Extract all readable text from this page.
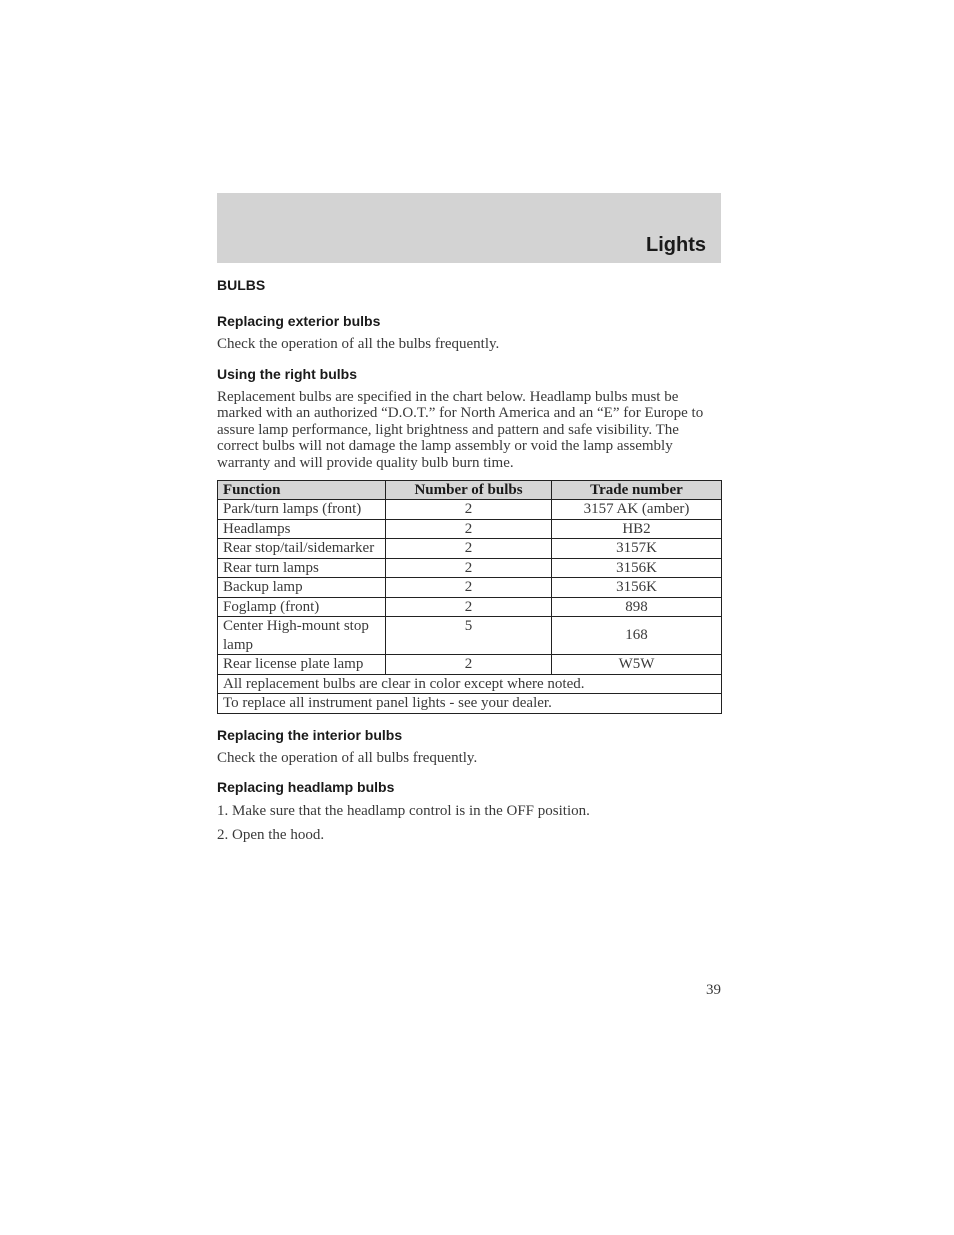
Lights
BULBS
Replacing exterior bulbs
Check the operation of all the bulbs frequently.
Using the right bulbs
Replacement bulbs are specified in the chart below. Headlamp bulbs must be marked with an authorized “D.O.T.” for North America and an “E” for Europe to assure lamp performance, light brightness and pattern and safe visibility. The correct bulbs will not damage the lamp assembly or void the lamp assembly warranty and will provide quality bulb burn time.
Function	Number of bulbs	Trade number
Park/turn lamps (front)	2	3157 AK (amber)
Headlamps	2	HB2
Rear stop/tail/sidemarker	2	3157K
Rear turn lamps	2	3156K
Backup lamp	2	3156K
Foglamp (front)	2	898
Center High-mount stop lamp	5	168
Rear license plate lamp	2	W5W
All replacement bulbs are clear in color except where noted.		
To replace all instrument panel lights - see your dealer.		
Replacing the interior bulbs
Check the operation of all bulbs frequently.
Replacing headlamp bulbs
1. Make sure that the headlamp control is in the OFF position.
2. Open the hood.
39
